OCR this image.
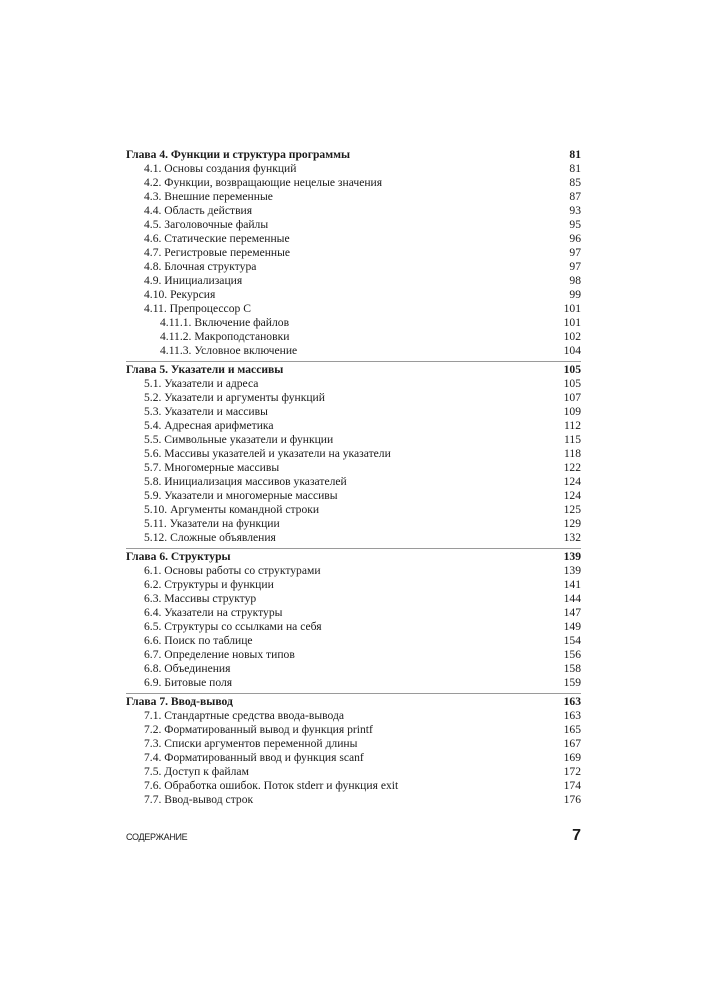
Глава 4. Функции и структура программы	81
4.1. Основы создания функций	81
4.2. Функции, возвращающие нецелые значения	85
4.3. Внешние переменные	87
4.4. Область действия	93
4.5. Заголовочные файлы	95
4.6. Статические переменные	96
4.7. Регистровые переменные	97
4.8. Блочная структура	97
4.9. Инициализация	98
4.10. Рекурсия	99
4.11. Препроцессор C	101
4.11.1. Включение файлов	101
4.11.2. Макроподстановки	102
4.11.3. Условное включение	104
Глава 5. Указатели и массивы	105
5.1. Указатели и адреса	105
5.2. Указатели и аргументы функций	107
5.3. Указатели и массивы	109
5.4. Адресная арифметика	112
5.5. Символьные указатели и функции	115
5.6. Массивы указателей и указатели на указатели	118
5.7. Многомерные массивы	122
5.8. Инициализация массивов указателей	124
5.9. Указатели и многомерные массивы	124
5.10. Аргументы командной строки	125
5.11. Указатели на функции	129
5.12. Сложные объявления	132
Глава 6. Структуры	139
6.1. Основы работы со структурами	139
6.2. Структуры и функции	141
6.3. Массивы структур	144
6.4. Указатели на структуры	147
6.5. Структуры со ссылками на себя	149
6.6. Поиск по таблице	154
6.7. Определение новых типов	156
6.8. Объединения	158
6.9. Битовые поля	159
Глава 7. Ввод-вывод	163
7.1. Стандартные средства ввода-вывода	163
7.2. Форматированный вывод и функция printf	165
7.3. Списки аргументов переменной длины	167
7.4. Форматированный ввод и функция scanf	169
7.5. Доступ к файлам	172
7.6. Обработка ошибок. Поток stderr и функция exit	174
7.7. Ввод-вывод строк	176
содержание	7
